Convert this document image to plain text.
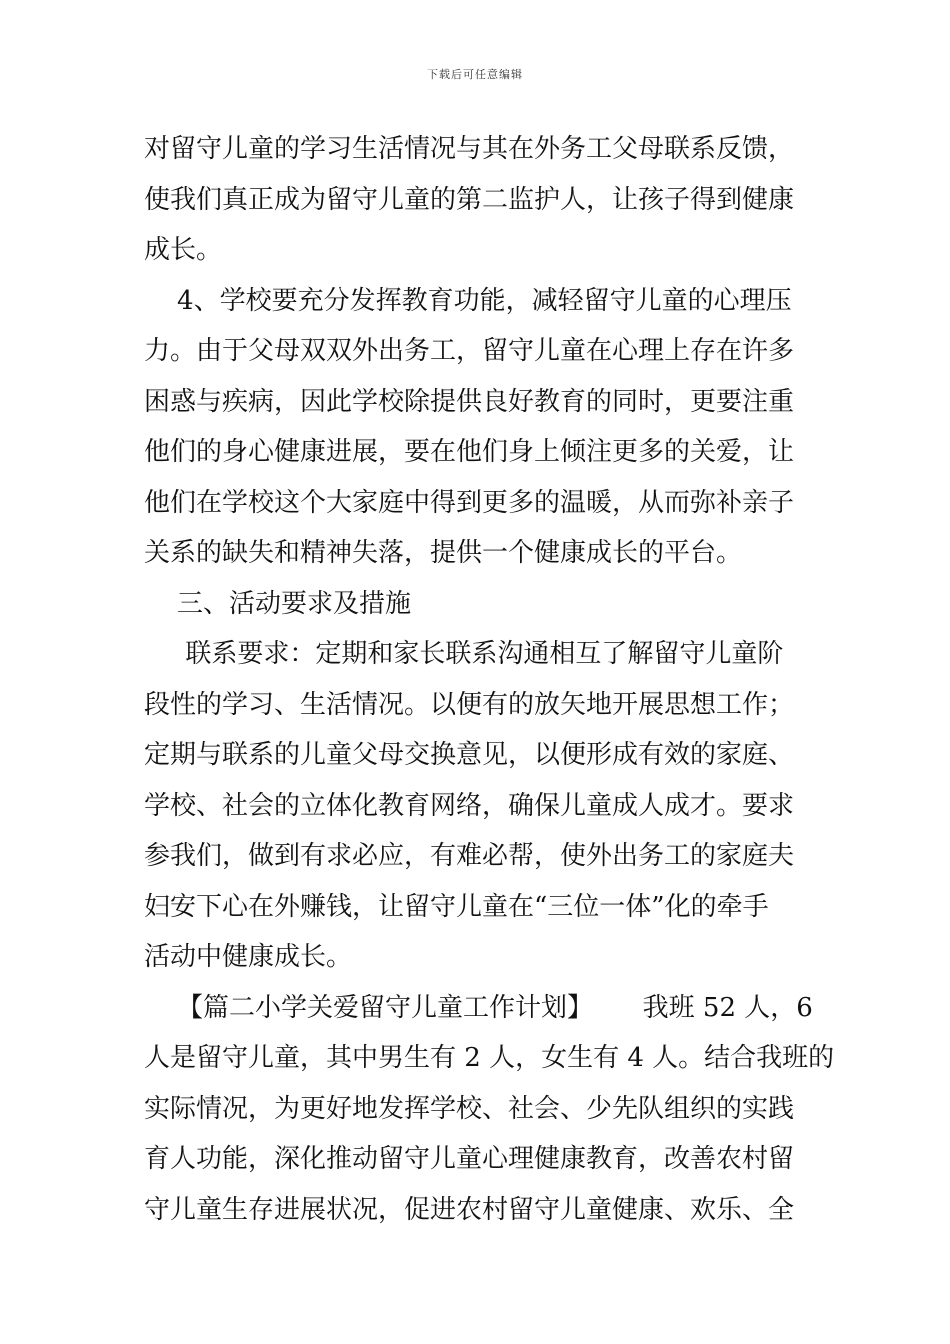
下载后可任意编辑
对留守儿童的学习生活情况与其在外务工父母联系反馈，
使我们真正成为留守儿童的第二监护人，让孩子得到健康
成长。
4、学校要充分发挥教育功能，减轻留守儿童的心理压
力。由于父母双双外出务工，留守儿童在心理上存在许多
困惑与疾病，因此学校除提供良好教育的同时，更要注重
他们的身心健康进展，要在他们身上倾注更多的关爱，让
他们在学校这个大家庭中得到更多的温暖，从而弥补亲子
关系的缺失和精神失落，提供一个健康成长的平台。
三、活动要求及措施
联系要求：定期和家长联系沟通相互了解留守儿童阶
段性的学习、生活情况。以便有的放矢地开展思想工作；
定期与联系的儿童父母交换意见，以便形成有效的家庭、
学校、社会的立体化教育网络，确保儿童成人成才。要求
参我们，做到有求必应，有难必帮，使外出务工的家庭夫
妇安下心在外赚钱，让留守儿童在“三位一体”化的牵手
活动中健康成长。
【篇二小学关爱留守儿童工作计划】      我班 52 人，6
人是留守儿童，其中男生有 2 人，女生有 4 人。结合我班的
实际情况，为更好地发挥学校、社会、少先队组织的实践
育人功能，深化推动留守儿童心理健康教育，改善农村留
守儿童生存进展状况，促进农村留守儿童健康、欢乐、全
